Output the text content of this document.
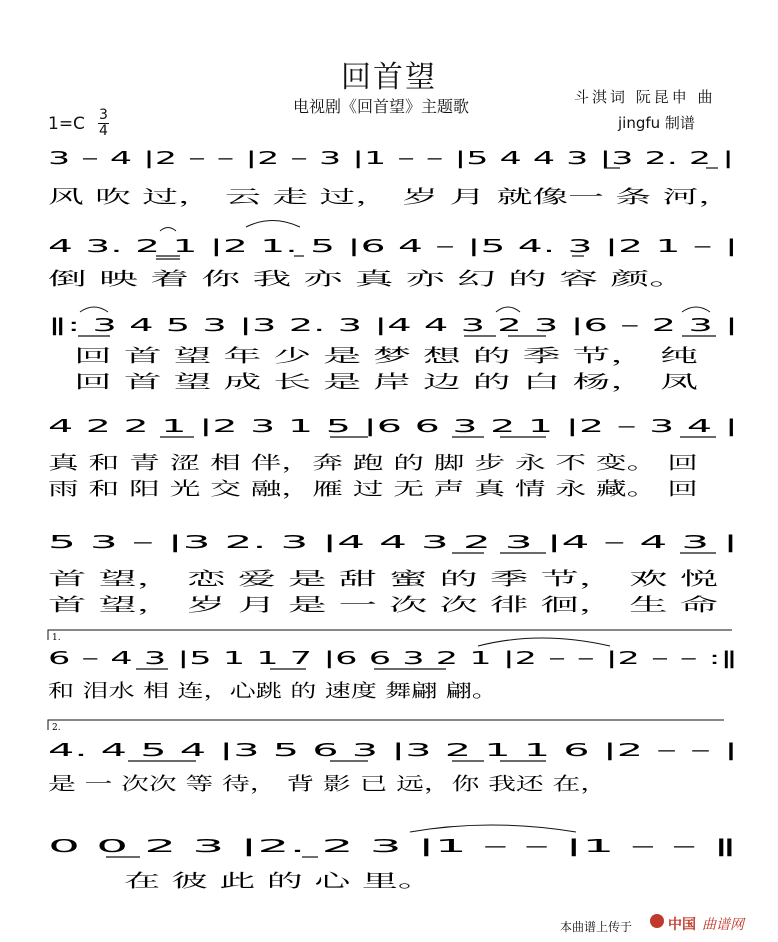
回首望
电视剧《回首望》主题歌	斗淇词 阮昆申 曲
jingfu 制谱
1=C 3
4
3 – 4 |2 – – |2 – 3 |1 – – |5 4 4 3 |3 2. 2 |
风 吹 过， 云 走 过， 岁 月 就像一 条 河，
4 3. 2 1 |2 1. 5 |6 4 – |5 4. 3 |2 1 – |
倒 映 着 你 我 亦 真 亦 幻 的 容 颜。
‖: 3 4 5 3 |3 2. 3 |4 4 3 2 3 |6 – 2 3 |
回 首 望 年 少 是 梦 想 的 季 节， 纯
回 首 望 成 长 是 岸 边 的 白 杨， 凤
4 2 2 1 |2 3 1 5 |6 6 3 2 1 |2 – 3 4 |
真 和 青 涩 相 伴，奔 跑 的 脚 步 永 不 变。 回
雨 和 阳 光 交 融，雁 过 无 声 真 情 永 藏。 回
5 3 – |3 2. 3 |4 4 3 2 3 |4 – 4 3 |
首 望， 恋 爱 是 甜 蜜 的 季 节， 欢 悦
首 望， 岁 月 是 一 次 次 徘 徊， 生 命
1.
6 – 4 3 |5 1 1 7 |6 6 3 2 1 |2 – – |2 – – :‖
和 泪水 相 连，心跳 的 速度 舞翩 翩。
2.
4. 4 5 4 |3 5 6 3 |3 2 1 1 6 |2 – – |
是 一 次次 等 待， 背 影 已 远，你 我还 在，
0 0 2 3 |2. 2 3 |1 – – |1 – – ‖
在 彼 此 的 心 里。
本曲谱上传于	中国 曲谱网
